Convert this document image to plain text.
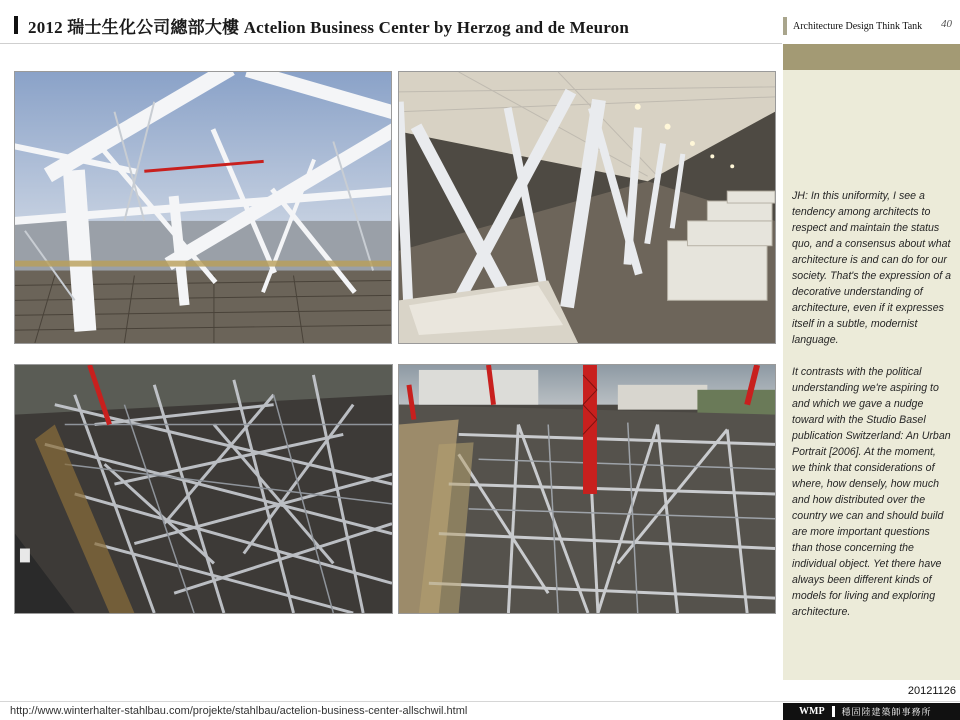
2012 瑞士生化公司總部大樓 Actelion Business Center by Herzog and de Meuron	Architecture Design Think Tank 40

JH: In this uniformity, I see a tendency among architects to respect and maintain the status quo, and a consensus about what architecture is and can do for our society. That's the expression of a decorative understanding of architecture, even if it expresses itself in a subtle, modernist language.

It contrasts with the political understanding we're aspiring to and which we gave a nudge toward with the Studio Basel publication Switzerland: An Urban Portrait [2006]. At the moment, we think that considerations of where, how densely, how much and how distributed over the country we can and should build are more important questions than those concerning the individual object. Yet there have always been different kinds of models for living and exploring architecture.

20121126
http://www.winterhalter-stahlbau.com/projekte/stahlbau/actelion-business-center-allschwil.html	WMP 穩固陸建築師事務所
